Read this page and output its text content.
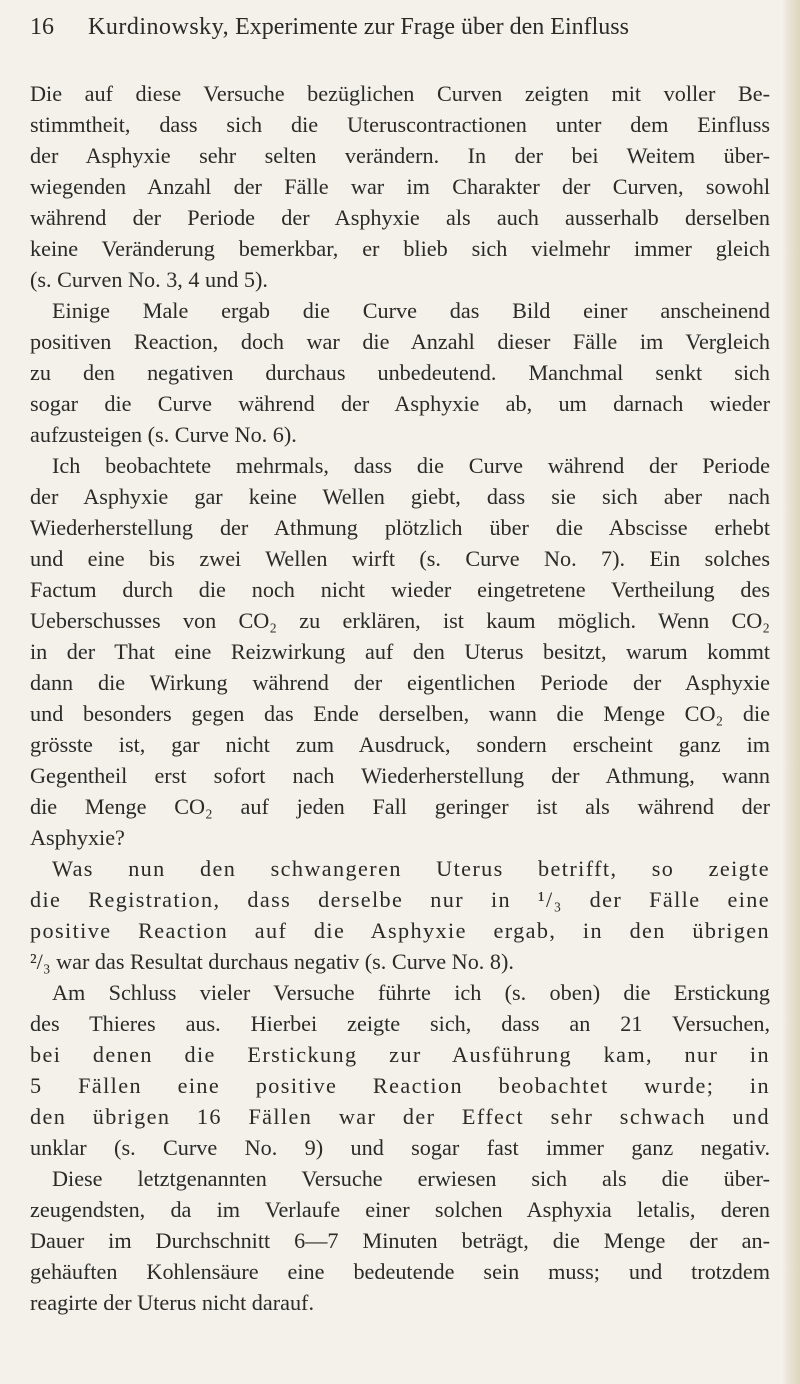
16 Kurdinowsky, Experimente zur Frage über den Einfluss
Die auf diese Versuche bezüglichen Curven zeigten mit voller Be-
stimmtheit, dass sich die Uteruscontractionen unter dem Einfluss
der Asphyxie sehr selten verändern. In der bei Weitem über-
wiegenden Anzahl der Fälle war im Charakter der Curven, sowohl
während der Periode der Asphyxie als auch ausserhalb derselben
keine Veränderung bemerkbar, er blieb sich vielmehr immer gleich
(s. Curven No. 3, 4 und 5).
Einige Male ergab die Curve das Bild einer anscheinend
positiven Reaction, doch war die Anzahl dieser Fälle im Vergleich
zu den negativen durchaus unbedeutend. Manchmal senkt sich
sogar die Curve während der Asphyxie ab, um darnach wieder
aufzusteigen (s. Curve No. 6).
Ich beobachtete mehrmals, dass die Curve während der Periode
der Asphyxie gar keine Wellen giebt, dass sie sich aber nach
Wiederherstellung der Athmung plötzlich über die Abscisse erhebt
und eine bis zwei Wellen wirft (s. Curve No. 7). Ein solches
Factum durch die noch nicht wieder eingetretene Vertheilung des
Ueberschusses von CO₂ zu erklären, ist kaum möglich. Wenn CO₂
in der That eine Reizwirkung auf den Uterus besitzt, warum kommt
dann die Wirkung während der eigentlichen Periode der Asphyxie
und besonders gegen das Ende derselben, wann die Menge CO₂ die
grösste ist, gar nicht zum Ausdruck, sondern erscheint ganz im
Gegentheil erst sofort nach Wiederherstellung der Athmung, wann
die Menge CO₂ auf jeden Fall geringer ist als während der
Asphyxie?
Was nun den schwangeren Uterus betrifft, so zeigte
die Registration, dass derselbe nur in ¹/₃ der Fälle eine
positive Reaction auf die Asphyxie ergab, in den übrigen
²/₃ war das Resultat durchaus negativ (s. Curve No. 8).
Am Schluss vieler Versuche führte ich (s. oben) die Erstickung
des Thieres aus. Hierbei zeigte sich, dass an 21 Versuchen,
bei denen die Erstickung zur Ausführung kam, nur in
5 Fällen eine positive Reaction beobachtet wurde; in
den übrigen 16 Fällen war der Effect sehr schwach und
unklar (s. Curve No. 9) und sogar fast immer ganz negativ.
Diese letztgenannten Versuche erwiesen sich als die über-
zeugendsten, da im Verlaufe einer solchen Asphyxia letalis, deren
Dauer im Durchschnitt 6—7 Minuten beträgt, die Menge der an-
gehäuften Kohlensäure eine bedeutende sein muss; und trotzdem
reagirte der Uterus nicht darauf.
